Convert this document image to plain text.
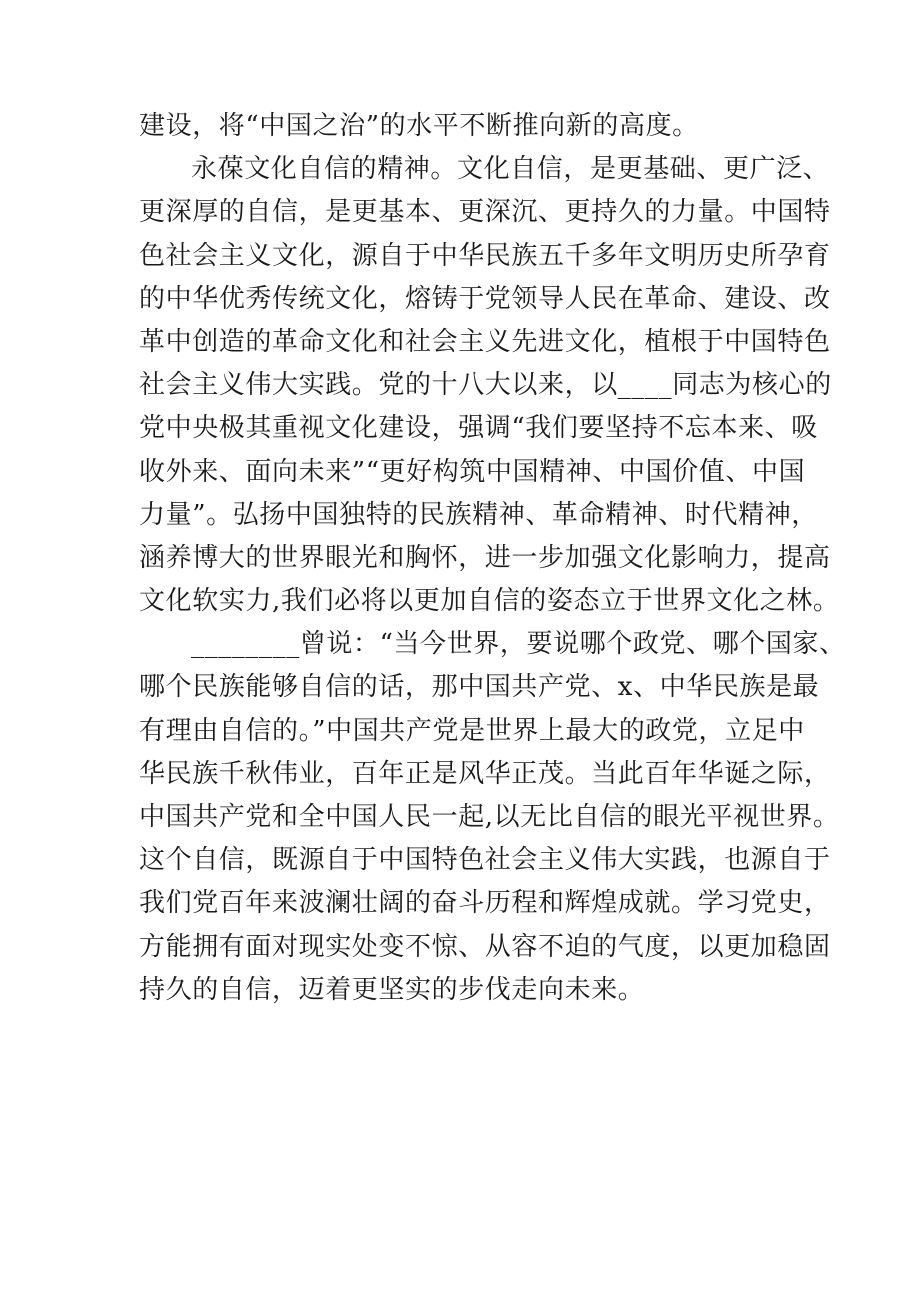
建设，将“中国之治”的水平不断推向新的高度。
永葆文化自信的精神。文化自信，是更基础、更广泛、
更深厚的自信，是更基本、更深沉、更持久的力量。中国特
色社会主义文化，源自于中华民族五千多年文明历史所孕育
的中华优秀传统文化，熔铸于党领导人民在革命、建设、改
革中创造的革命文化和社会主义先进文化，植根于中国特色
社会主义伟大实践。党的十八大以来，以____同志为核心的
党中央极其重视文化建设，强调“我们要坚持不忘本来、吸
收外来、面向未来”“更好构筑中国精神、中国价值、中国
力量”。弘扬中国独特的民族精神、革命精神、时代精神，
涵养博大的世界眼光和胸怀，进一步加强文化影响力，提高
文化软实力,我们必将以更加自信的姿态立于世界文化之林。
________曾说：“当今世界，要说哪个政党、哪个国家、
哪个民族能够自信的话，那中国共产党、x、中华民族是最
有理由自信的。”中国共产党是世界上最大的政党，立足中
华民族千秋伟业，百年正是风华正茂。当此百年华诞之际，
中国共产党和全中国人民一起,以无比自信的眼光平视世界。
这个自信，既源自于中国特色社会主义伟大实践，也源自于
我们党百年来波澜壮阔的奋斗历程和辉煌成就。学习党史，
方能拥有面对现实处变不惊、从容不迫的气度，以更加稳固
持久的自信，迈着更坚实的步伐走向未来。
